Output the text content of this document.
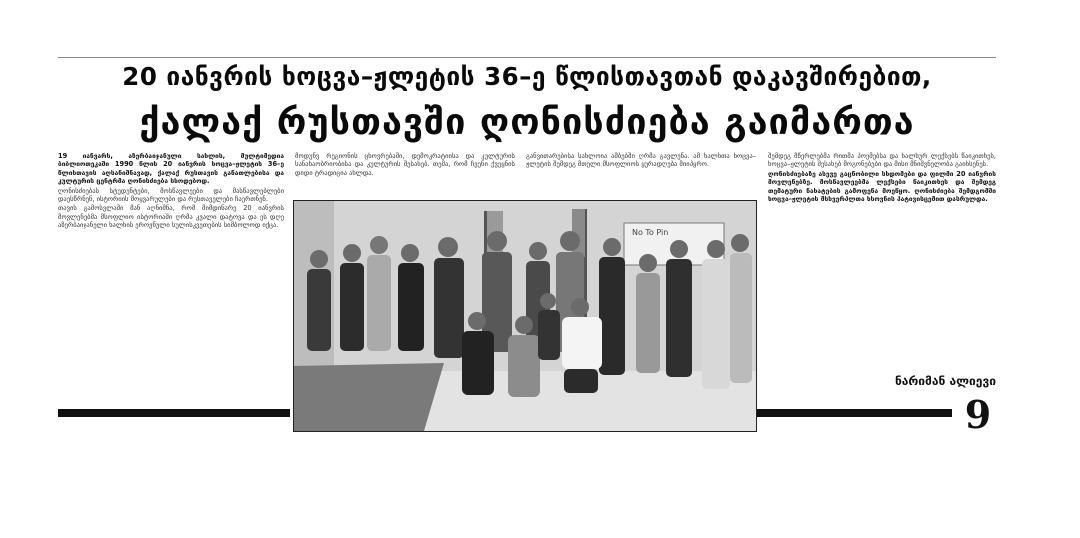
20 იანვრის ხოცვა–ჟლეტის 36–ე წლისთავთან დაკავშირებით,
ქალაქ რუსთავში ღონისძიება გაიმართა

19 იანვარს, აზერბაიჯანული სახლის, მულტიმედია ბიბლიოთეკაში 1990 წლის 20 იანვრის ხოცვა–ჟლეტის 36–ე წლისთავის აღსანიშნავად, ქალაქ რუსთავის განათლებისა და კულტურის ცენტრმა ღონისძიება სხოდებოდ.

ღონისძიებას სტუდენტები, მოსწავლეები და მასწავლებლები დაესწრნენ, ისტორიის მოყვარულები და რუსთაველები ჩაერთნენ.

თავის გამოსვლაში მან აღნიშნა, რომ მიმდინარე 20 იანვრის მოვლენებმა მსოფლიო ისტორიაში ღრმა კვალი დატოვა და ეს დღე აზერბაიჯანელი ხალხის ეროვნული სულისკვეთების სიმბოლოდ იქცა.

მოდუნვ რეგიონის ცხოვრებაში, დემოკრატიისა და კულტურის სანახაობრიობისა და კულტურის შესახებ. თემა, რომ ჩვენი ქვეყნის დიდი ტრადიცია ახლდა.

განვითარებისა სახლოია ამბებში ღრმა გავლენა. ამ ხალხთა ხოცვა–ჟლეტის შემდეგ მთელი მსოფლიოს ყურადღება მიიპყრო.

შემდეგ მწერლებმა რითმა პოემებსა და ხალხურ ლექსებს წაიკითხეს, ხოცვა–ჟლეტის შესახებ მოგონებები და მისი მნიშვნელობა გაიხსენეს.

ღონისძიებაზე ასევე გაცნობილი სხდომები და ფილმი 20 იანვრის მოვლენებზე. მოსწავლეებმა ლექსები წაიკითხეს და შემდეგ თემატური ნახატების გამოფენა მოეწყო. ღონისძიება შემდგომში ხოცვა–ჟლეტის მსხვერპლთა ხსოვნის პატივისცემით დასრულდა.

No To Pin
ნარიმან ალიევი
9
